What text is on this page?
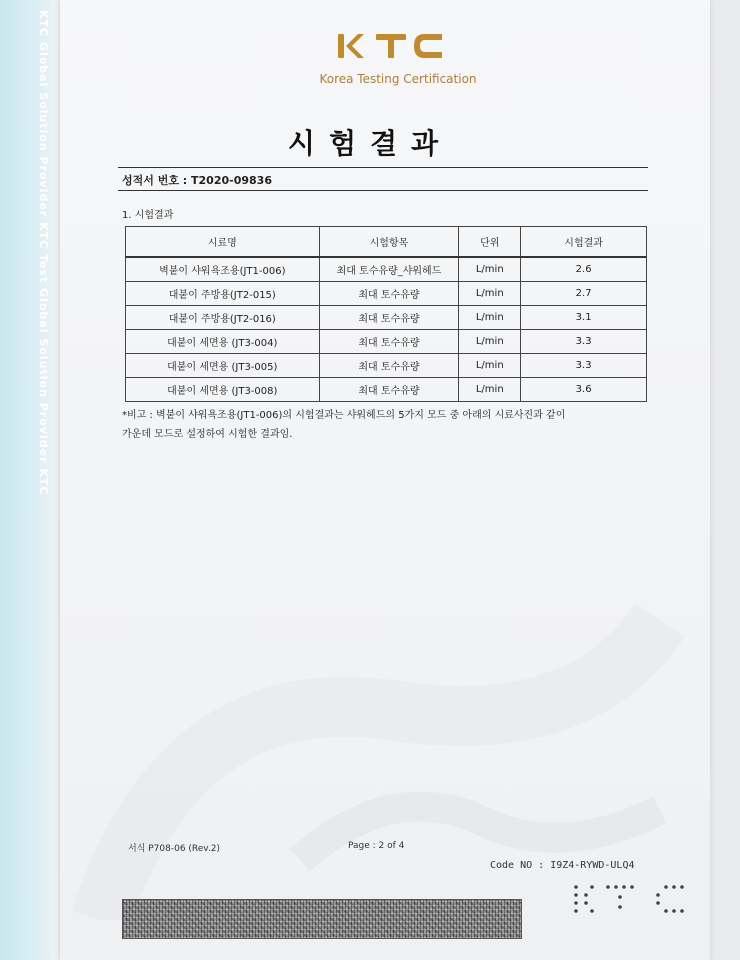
KTC Global Solution Provider KTC Test Global Solution Provider KTC	Korea Testing Certification
시험결과
성적서 번호 : T2020-09836
1. 시험결과
시료명	시험항목	단위	시험결과
벽붙이 샤워욕조용(JT1-006)	최대 토수유량_샤워헤드	L/min	2.6
대붙이 주방용(JT2-015)	최대 토수유량	L/min	2.7
대붙이 주방용(JT2-016)	최대 토수유량	L/min	3.1
대붙이 세면용 (JT3-004)	최대 토수유량	L/min	3.3
대붙이 세면용 (JT3-005)	최대 토수유량	L/min	3.3
대붙이 세면용 (JT3-008)	최대 토수유량	L/min	3.6
*비고 : 벽붙이 샤워욕조용(JT1-006)의 시험결과는 샤워헤드의 5가지 모드 중 아래의 시료사진과 같이
가운데 모드로 설정하여 시험한 결과임.
서식 P708-06 (Rev.2)	Page : 2 of 4
Code NO : I9Z4-RYWD-ULQ4
